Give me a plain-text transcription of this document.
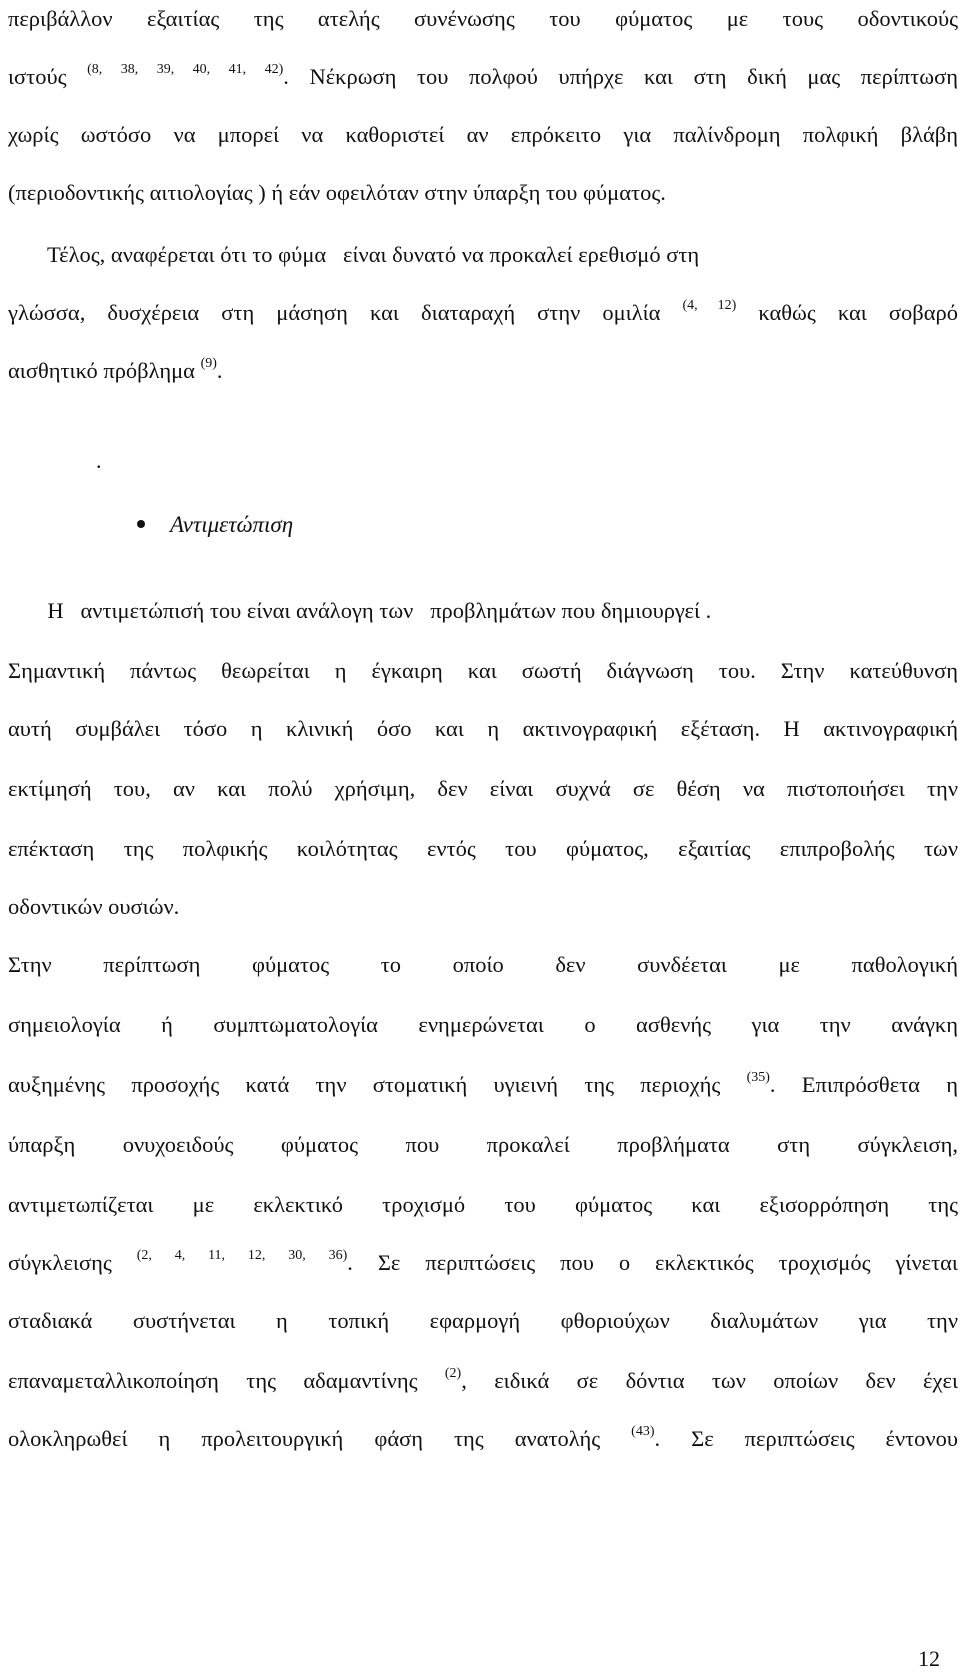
περιβάλλον εξαιτίας της ατελής συνένωσης του φύματος με τους οδοντικούς
ιστούς $^{(8, 38, 39, 40, 41, 42)}$. Νέκρωση του πολφού υπήρχε και στη δική μας περίπτωση
χωρίς ωστόσο να μπορεί να καθοριστεί αν επρόκειτο για παλίνδρομη πολφική βλάβη
(περιοδοντικής αιτιολογίας ) ή εάν οφειλόταν στην ύπαρξη του φύματος.
Τέλος, αναφέρεται ότι το φύμα   είναι δυνατό να προκαλεί ερεθισμό στη
γλώσσα, δυσχέρεια στη μάσηση και διαταραχή στην ομιλία $^{(4, 12)}$ καθώς και σοβαρό
αισθητικό πρόβλημα $^{(9)}$.
Η   αντιμετώπισή του είναι ανάλογη των   προβλημάτων που δημιουργεί .
Σημαντική πάντως θεωρείται η έγκαιρη και σωστή διάγνωση του. Στην κατεύθυνση
αυτή συμβάλει τόσο η κλινική όσο και η ακτινογραφική εξέταση. Η ακτινογραφική
εκτίμησή του, αν και πολύ χρήσιμη, δεν είναι συχνά σε θέση να πιστοποιήσει την
επέκταση της πολφικής κοιλότητας εντός του φύματος, εξαιτίας επιπροβολής των
οδοντικών ουσιών.
Στην περίπτωση φύματος το οποίο δεν συνδέεται με παθολογική
σημειολογία ή συμπτωματολογία ενημερώνεται ο ασθενής για την ανάγκη
αυξημένης προσοχής κατά την στοματική υγιεινή της περιοχής $^{(35)}$. Επιπρόσθετα η
ύπαρξη ονυχοειδούς φύματος που προκαλεί προβλήματα στη σύγκλειση,
αντιμετωπίζεται με εκλεκτικό τροχισμό του φύματος και εξισορρόπηση της
σύγκλεισης $^{(2, 4, 11, 12, 30, 36)}$. Σε περιπτώσεις που ο εκλεκτικός τροχισμός γίνεται
σταδιακά συστήνεται η τοπική εφαρμογή φθοριούχων διαλυμάτων για την
επαναμεταλλικοποίηση της αδαμαντίνης $^{(2)}$, ειδικά σε δόντια των οποίων δεν έχει
ολοκληρωθεί η προλειτουργική φάση της ανατολής $^{(43)}$. Σε περιπτώσεις έντονου
.
Αντιμετώπιση
12
